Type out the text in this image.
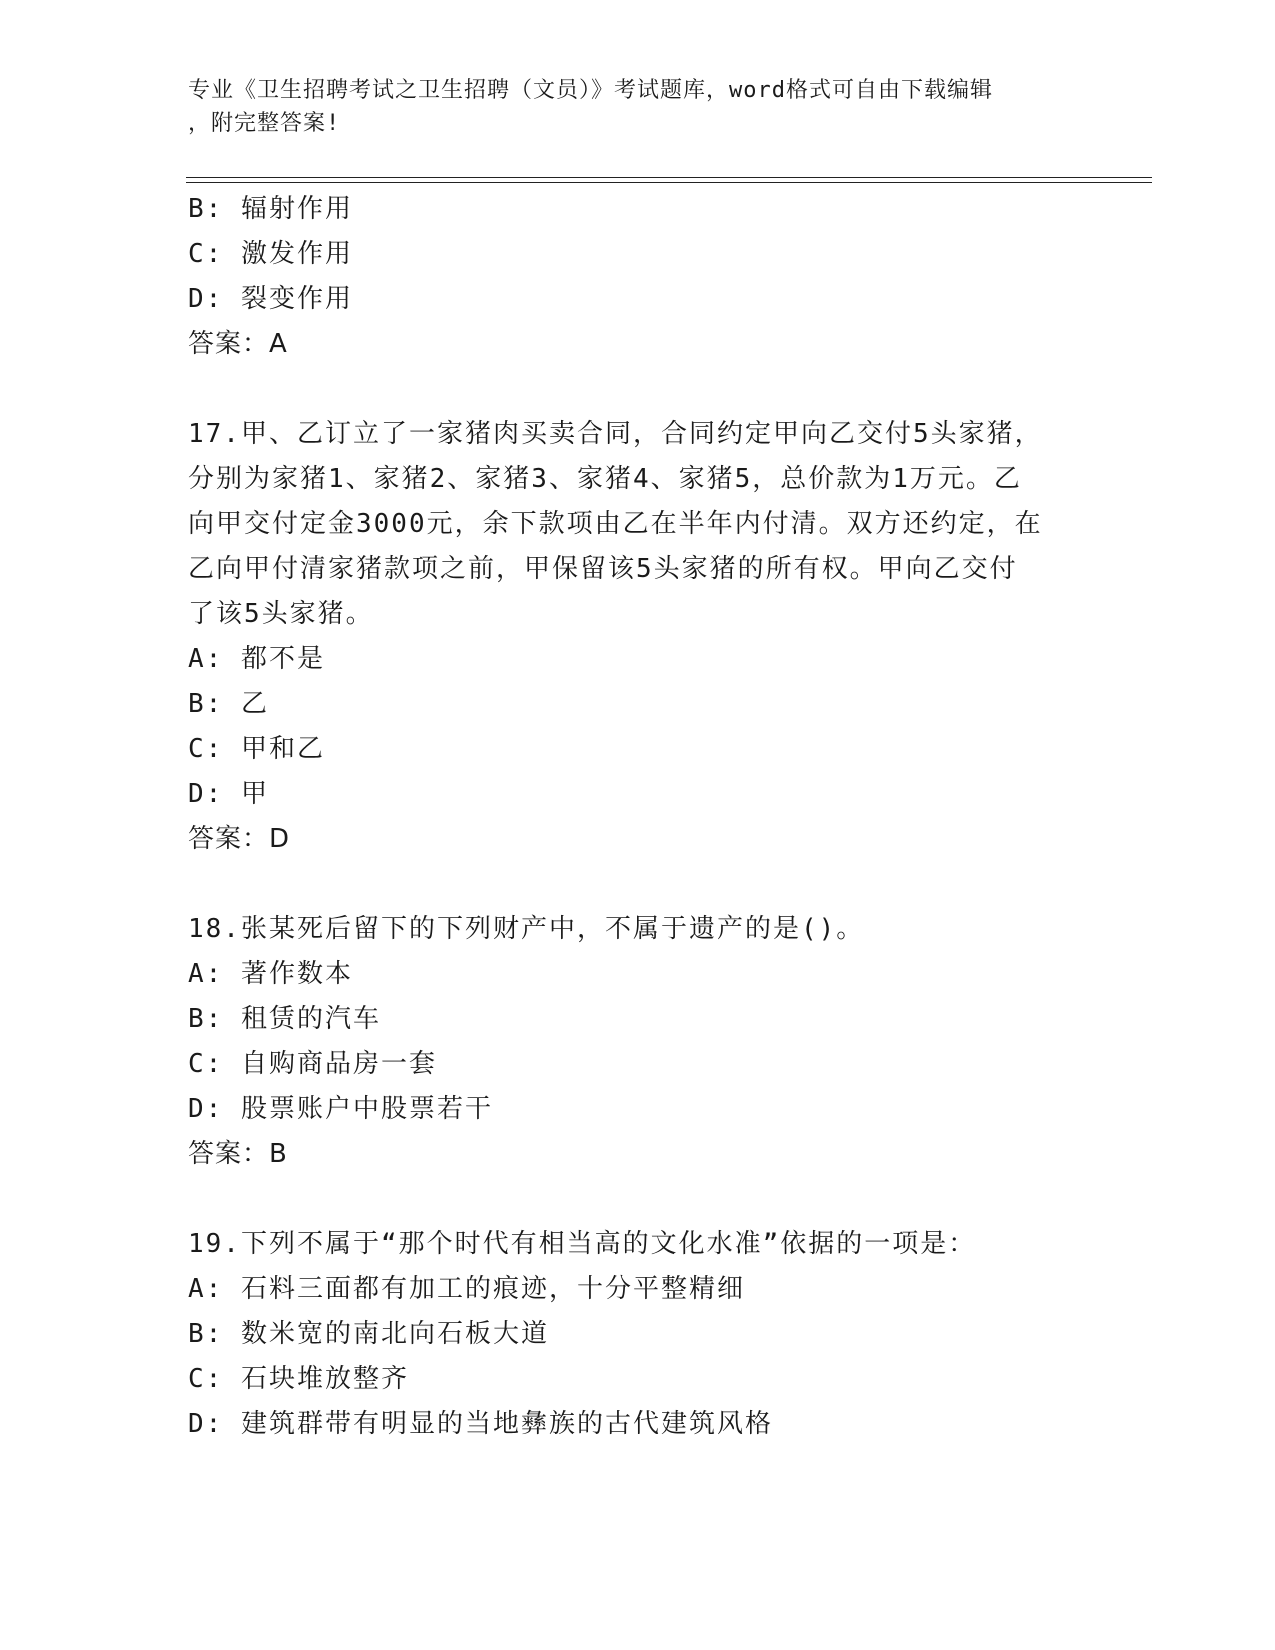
专业《卫生招聘考试之卫生招聘（文员）》考试题库，word格式可自由下载编辑
，附完整答案!
B: 辐射作用
C: 激发作用
D: 裂变作用
答案：A
17.甲、乙订立了一家猪肉买卖合同，合同约定甲向乙交付5头家猪，
分别为家猪1、家猪2、家猪3、家猪4、家猪5，总价款为1万元。乙
向甲交付定金3000元，余下款项由乙在半年内付清。双方还约定，在
乙向甲付清家猪款项之前，甲保留该5头家猪的所有权。甲向乙交付
了该5头家猪。
A: 都不是
B: 乙
C: 甲和乙
D: 甲
答案：D
18.张某死后留下的下列财产中，不属于遗产的是()。
A: 著作数本
B: 租赁的汽车
C: 自购商品房一套
D: 股票账户中股票若干
答案：B
19.下列不属于“那个时代有相当高的文化水准”依据的一项是：
A: 石料三面都有加工的痕迹，十分平整精细
B: 数米宽的南北向石板大道
C: 石块堆放整齐
D: 建筑群带有明显的当地彝族的古代建筑风格
